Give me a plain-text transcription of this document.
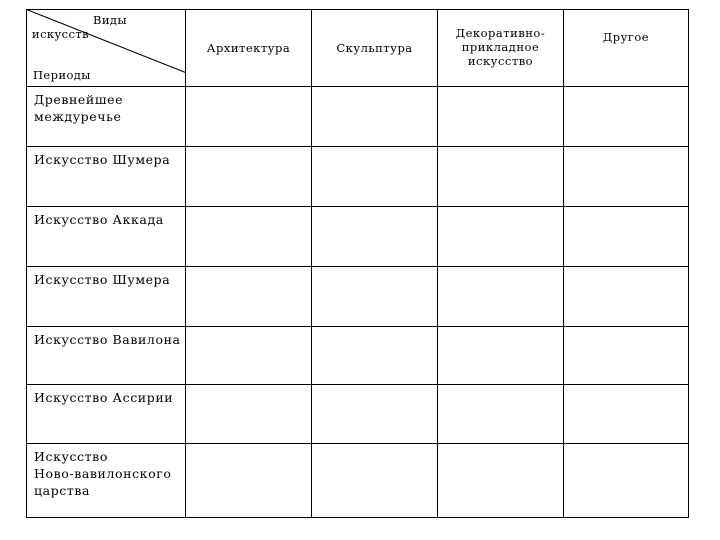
Виды
искусств
Периоды
Архитектура	Скульптура
Декоративно-
прикладное
искусство
Другое
Древнейшее
междуречье
Искусство Шумера
Искусство Аккада
Искусство Шумера
Искусство Вавилона
Искусство Ассирии
Искусство
Ново-вавилонского
царства
